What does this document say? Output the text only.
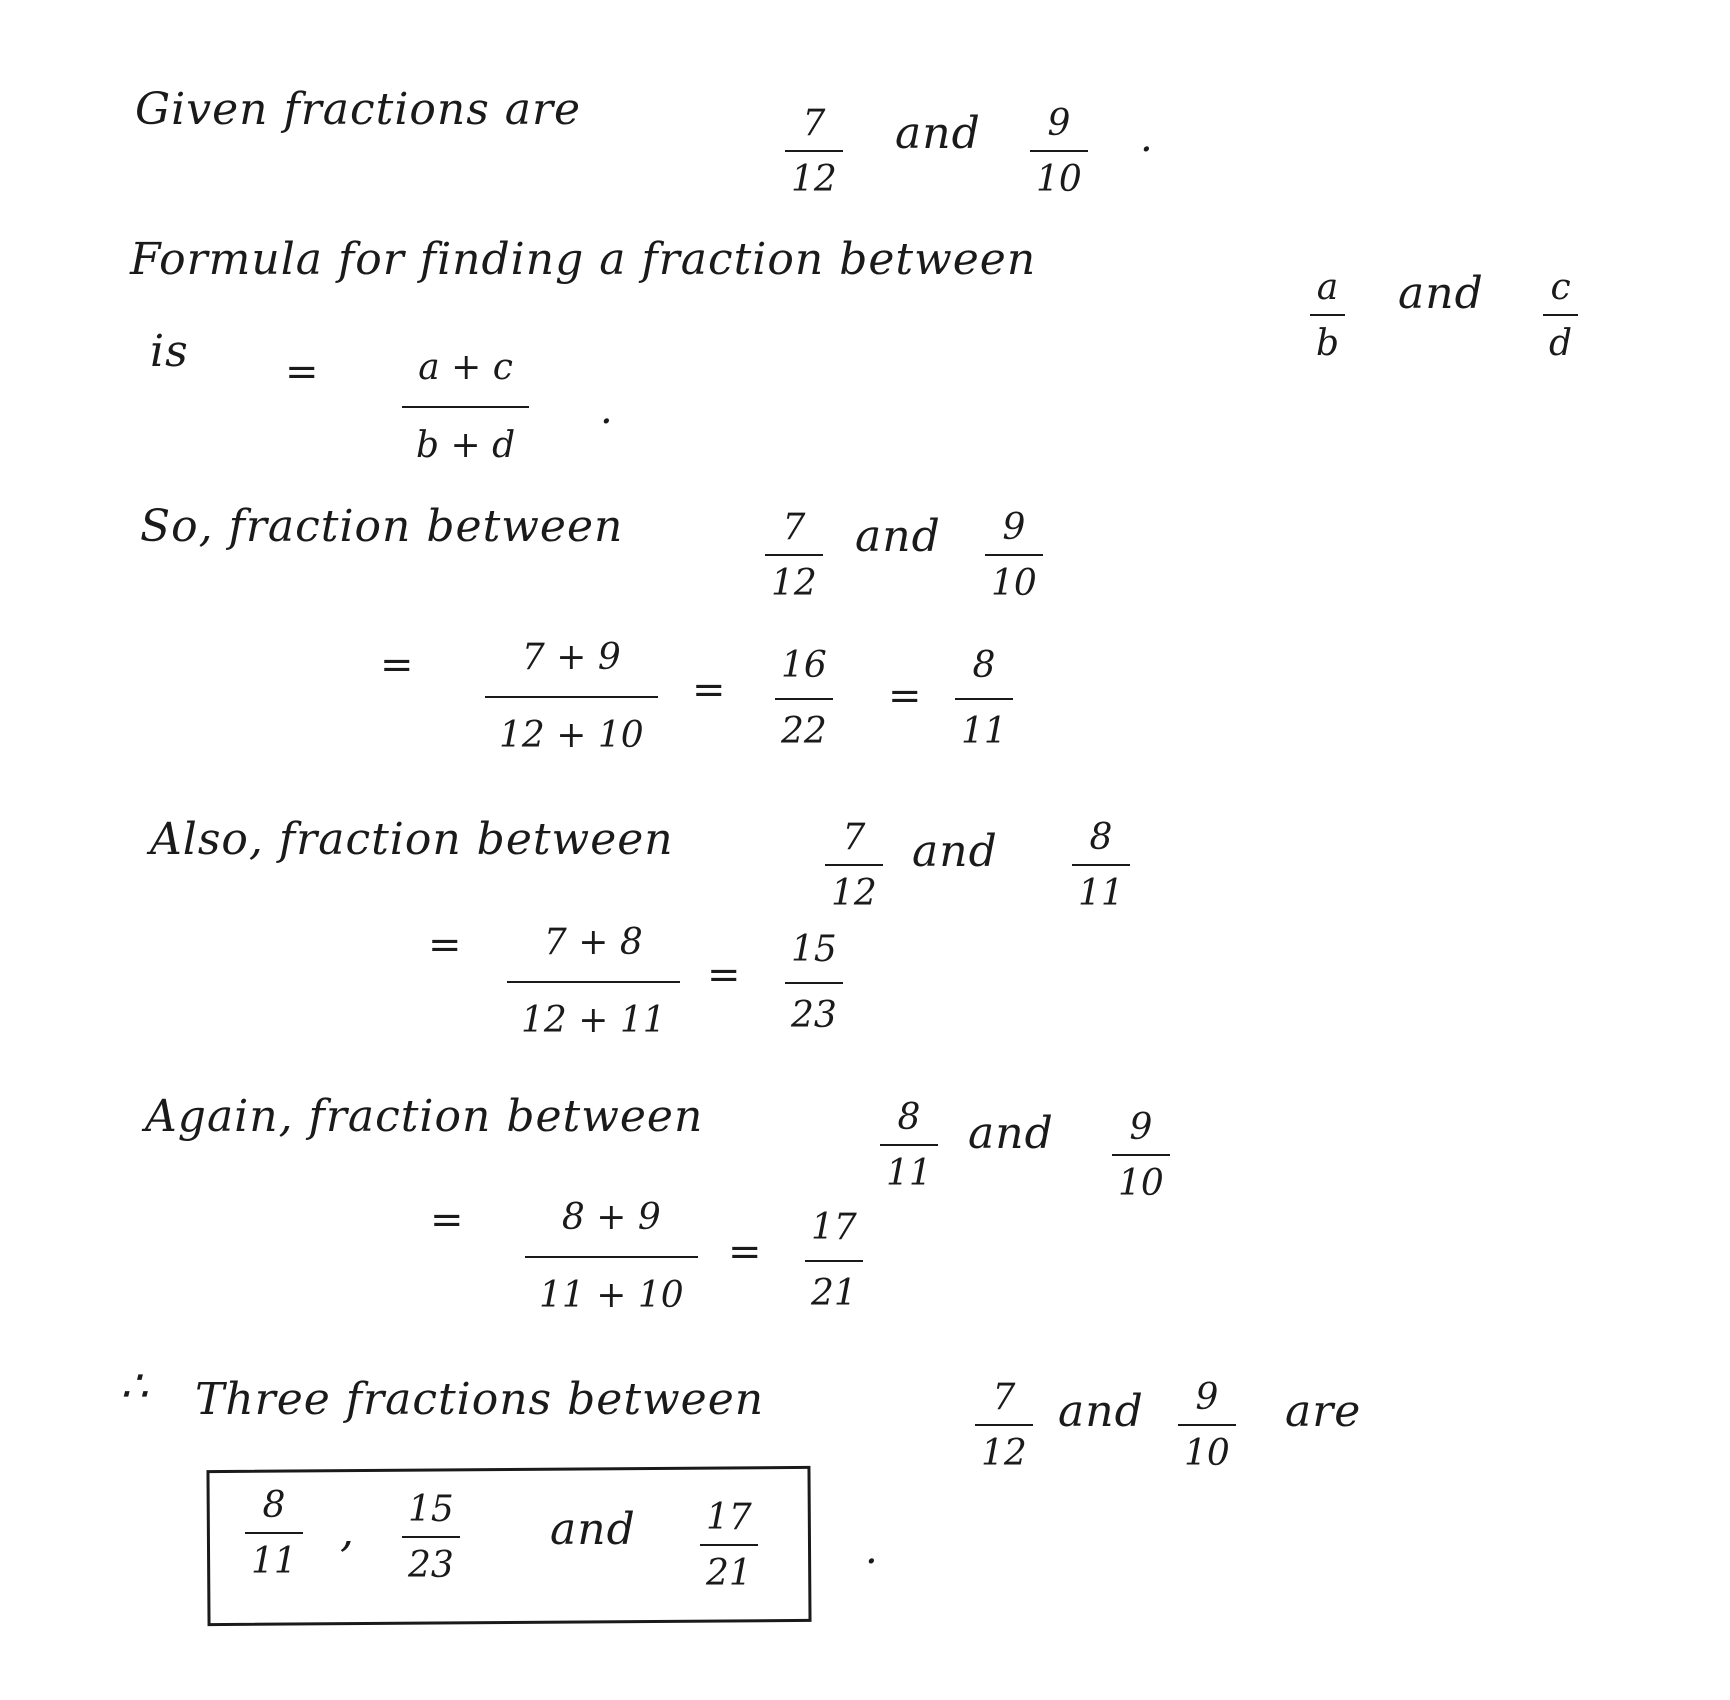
Given fractions are	7
12
and 9
10
.
Formula for finding a fraction between
a
b
and c
d
is =	a + c
b + d
.
So, fraction between	7
12
and 9
10
=	7 + 9
12 + 10
=
16
22
=
8
11
Also, fraction between	7
12
and	8
11
=	7 + 8
12 + 11
=
15
23
Again, fraction between	8
11
and 9
10
=	8 + 9
11 + 10
=
17
21
∴ Three fractions between	7
12
and 9
10
are
8
11
, 15
23
and 17
21
.
